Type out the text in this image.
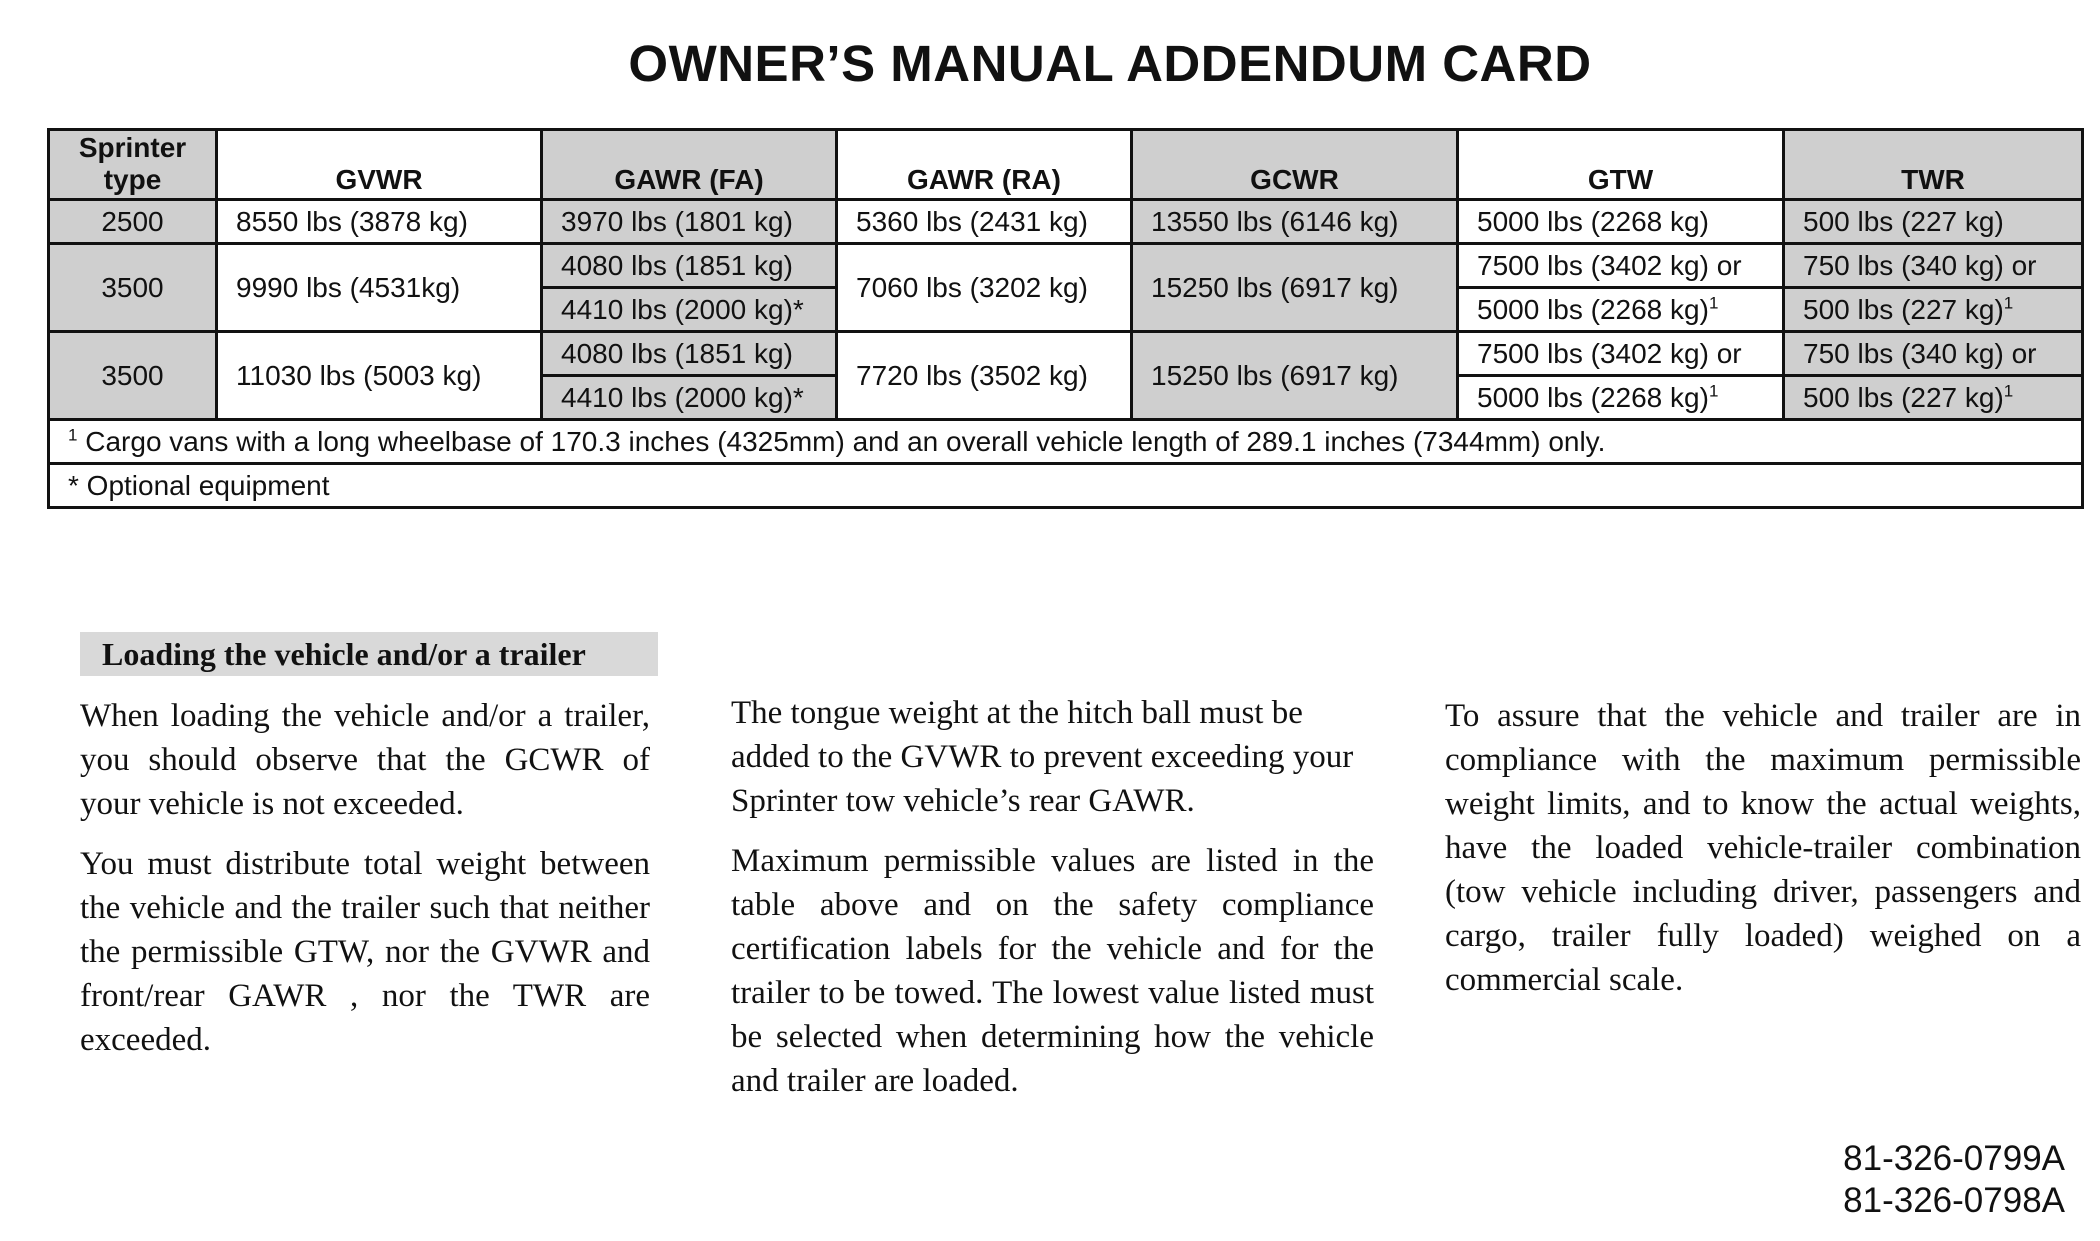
OWNER’S MANUAL ADDENDUM CARD
Sprinter
type	GVWR	GAWR (FA)	GAWR (RA)	GCWR	GTW	TWR
2500	8550 lbs (3878 kg)	3970 lbs (1801 kg)	5360 lbs (2431 kg)	13550 lbs (6146 kg)	5000 lbs (2268 kg)	500 lbs (227 kg)
3500	9990 lbs (4531kg)	4080 lbs (1851 kg)	7060 lbs (3202 kg)	15250 lbs (6917 kg)	7500 lbs (3402 kg) or	750 lbs (340 kg) or
		4410 lbs (2000 kg)*			5000 lbs (2268 kg)$^1$	500 lbs (227 kg)$^1$
3500	11030 lbs (5003 kg)	4080 lbs (1851 kg)	7720 lbs (3502 kg)	15250 lbs (6917 kg)	7500 lbs (3402 kg) or	750 lbs (340 kg) or
		4410 lbs (2000 kg)*			5000 lbs (2268 kg)$^1$	500 lbs (227 kg)$^1$
$^1$ Cargo vans with a long wheelbase of 170.3 inches (4325mm) and an overall vehicle length of 289.1 inches (7344mm) only.						
* Optional equipment						
Loading the vehicle and/or a trailer

When loading the vehicle and/or a trailer, you should observe that the GCWR of your vehicle is not exceeded.

You must distribute total weight between the vehicle and the trailer such that neither the permissible GTW, nor the GVWR and front/rear GAWR , nor the TWR are exceeded.

The tongue weight at the hitch ball must be added to the GVWR to prevent exceeding your Sprinter tow vehicle’s rear GAWR.

Maximum permissible values are listed in the table above and on the safety compliance certification labels for the vehicle and for the trailer to be towed. The lowest value listed must be selected when determining how the vehicle and trailer are loaded.

To assure that the vehicle and trailer are in compliance with the maximum permissible weight limits, and to know the actual weights, have the loaded vehicle-trailer combination (tow vehicle including driver, passengers and cargo, trailer fully loaded) weighed on a commercial scale.

81-326-0799A
81-326-0798A
